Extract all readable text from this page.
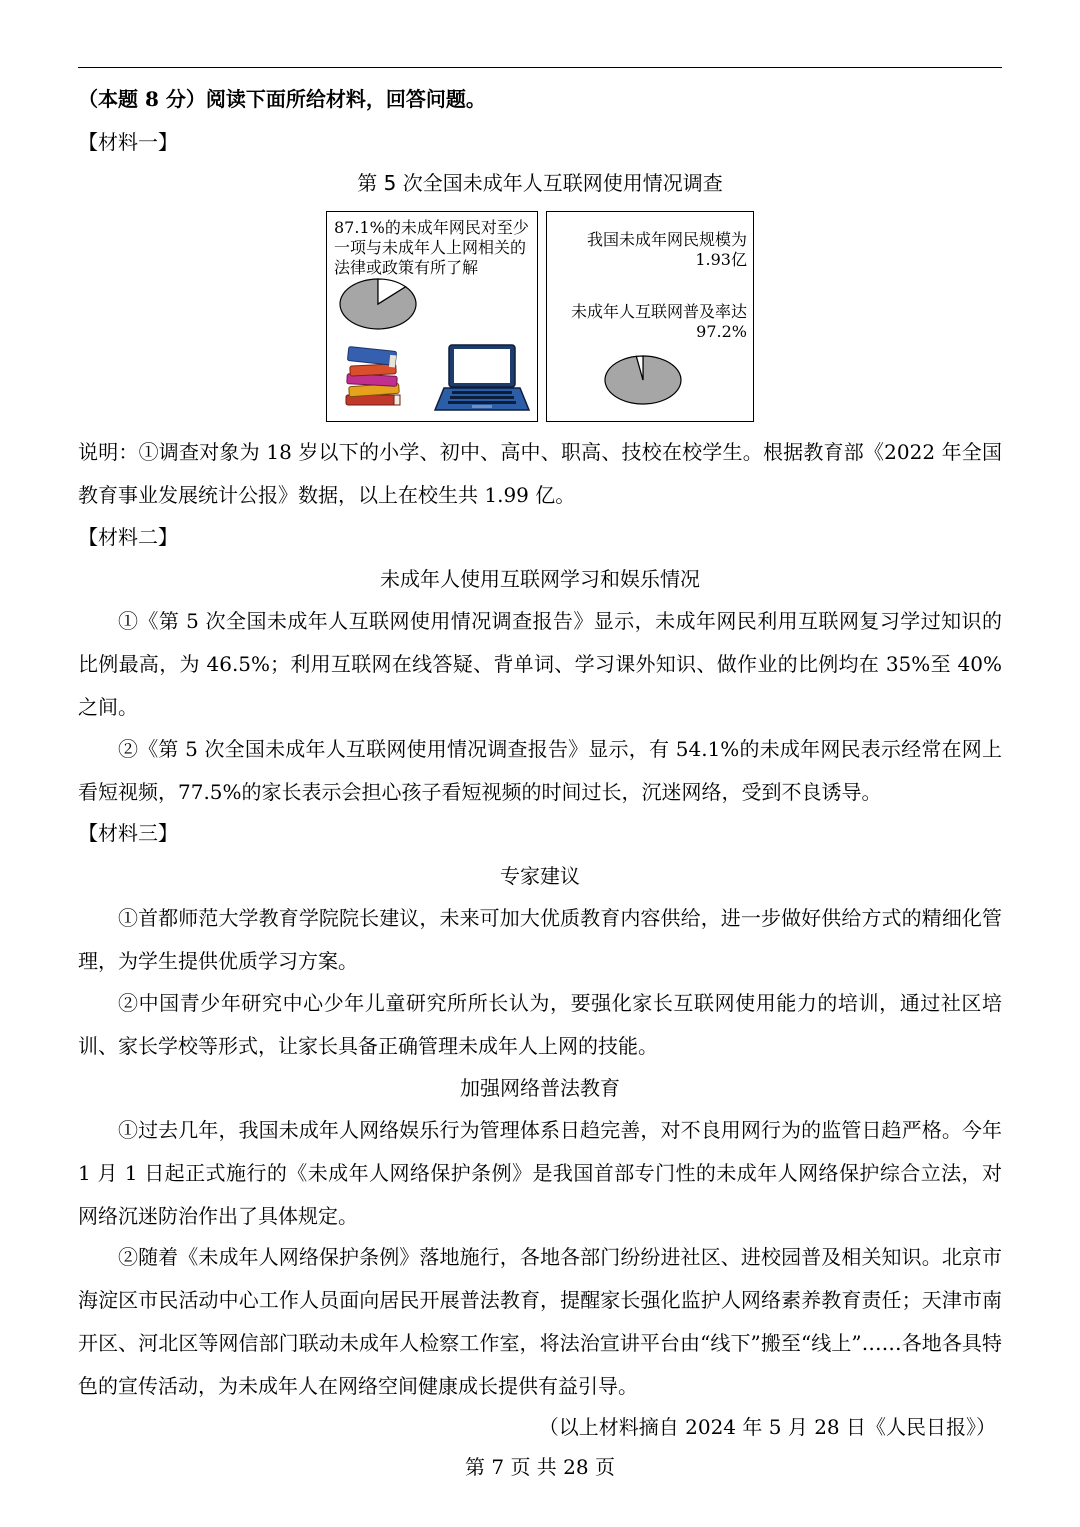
（本题 8 分）阅读下面所给材料，回答问题。

【材料一】

第 5 次全国未成年人互联网使用情况调查

87.1%的未成年网民对至少一项与未成年人上网相关的法律或政策有所了解
我国未成年网民规模为
1.93亿
未成年人互联网普及率达
97.2%

说明：①调查对象为 18 岁以下的小学、初中、高中、职高、技校在校学生。根据教育部《2022 年全国教育事业发展统计公报》数据，以上在校生共 1.99 亿。

【材料二】

未成年人使用互联网学习和娱乐情况

①《第 5 次全国未成年人互联网使用情况调查报告》显示，未成年网民利用互联网复习学过知识的比例最高，为 46.5%；利用互联网在线答疑、背单词、学习课外知识、做作业的比例均在 35%至 40%之间。

②《第 5 次全国未成年人互联网使用情况调查报告》显示，有 54.1%的未成年网民表示经常在网上看短视频，77.5%的家长表示会担心孩子看短视频的时间过长，沉迷网络，受到不良诱导。

【材料三】

专家建议

①首都师范大学教育学院院长建议，未来可加大优质教育内容供给，进一步做好供给方式的精细化管理，为学生提供优质学习方案。

②中国青少年研究中心少年儿童研究所所长认为，要强化家长互联网使用能力的培训，通过社区培训、家长学校等形式，让家长具备正确管理未成年人上网的技能。

加强网络普法教育

①过去几年，我国未成年人网络娱乐行为管理体系日趋完善，对不良用网行为的监管日趋严格。今年 1 月 1 日起正式施行的《未成年人网络保护条例》是我国首部专门性的未成年人网络保护综合立法，对网络沉迷防治作出了具体规定。

②随着《未成年人网络保护条例》落地施行，各地各部门纷纷进社区、进校园普及相关知识。北京市海淀区市民活动中心工作人员面向居民开展普法教育，提醒家长强化监护人网络素养教育责任；天津市南开区、河北区等网信部门联动未成年人检察工作室，将法治宣讲平台由“线下”搬至“线上”……各地各具特色的宣传活动，为未成年人在网络空间健康成长提供有益引导。

（以上材料摘自 2024 年 5 月 28 日《人民日报》）
第 7 页 共 28 页
